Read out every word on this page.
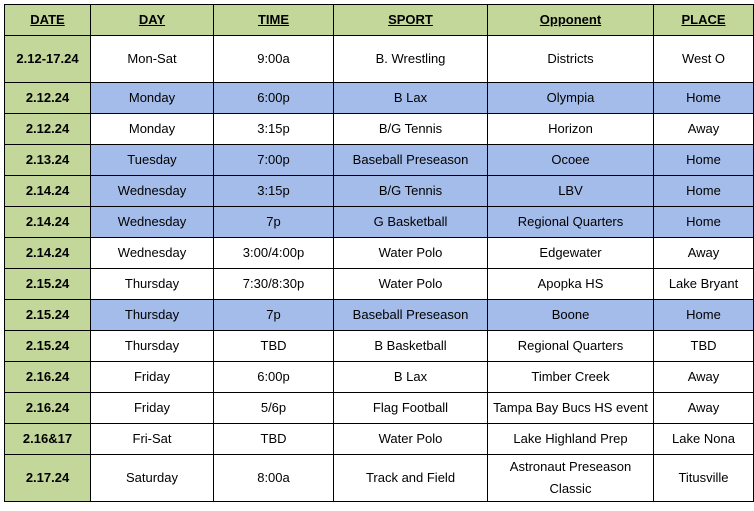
DATE	DAY	TIME	SPORT	Opponent	PLACE
2.12-17.24	Mon-Sat	9:00a	B. Wrestling	Districts	West O
2.12.24	Monday	6:00p	B Lax	Olympia	Home
2.12.24	Monday	3:15p	B/G Tennis	Horizon	Away
2.13.24	Tuesday	7:00p	Baseball Preseason	Ocoee	Home
2.14.24	Wednesday	3:15p	B/G Tennis	LBV	Home
2.14.24	Wednesday	7p	G Basketball	Regional Quarters	Home
2.14.24	Wednesday	3:00/4:00p	Water Polo	Edgewater	Away
2.15.24	Thursday	7:30/8:30p	Water Polo	Apopka HS	Lake Bryant
2.15.24	Thursday	7p	Baseball Preseason	Boone	Home
2.15.24	Thursday	TBD	B Basketball	Regional Quarters	TBD
2.16.24	Friday	6:00p	B Lax	Timber Creek	Away
2.16.24	Friday	5/6p	Flag Football	Tampa Bay Bucs HS event	Away
2.16&17	Fri-Sat	TBD	Water Polo	Lake Highland Prep	Lake Nona
2.17.24	Saturday	8:00a	Track and Field	Astronaut Preseason Classic	Titusville
